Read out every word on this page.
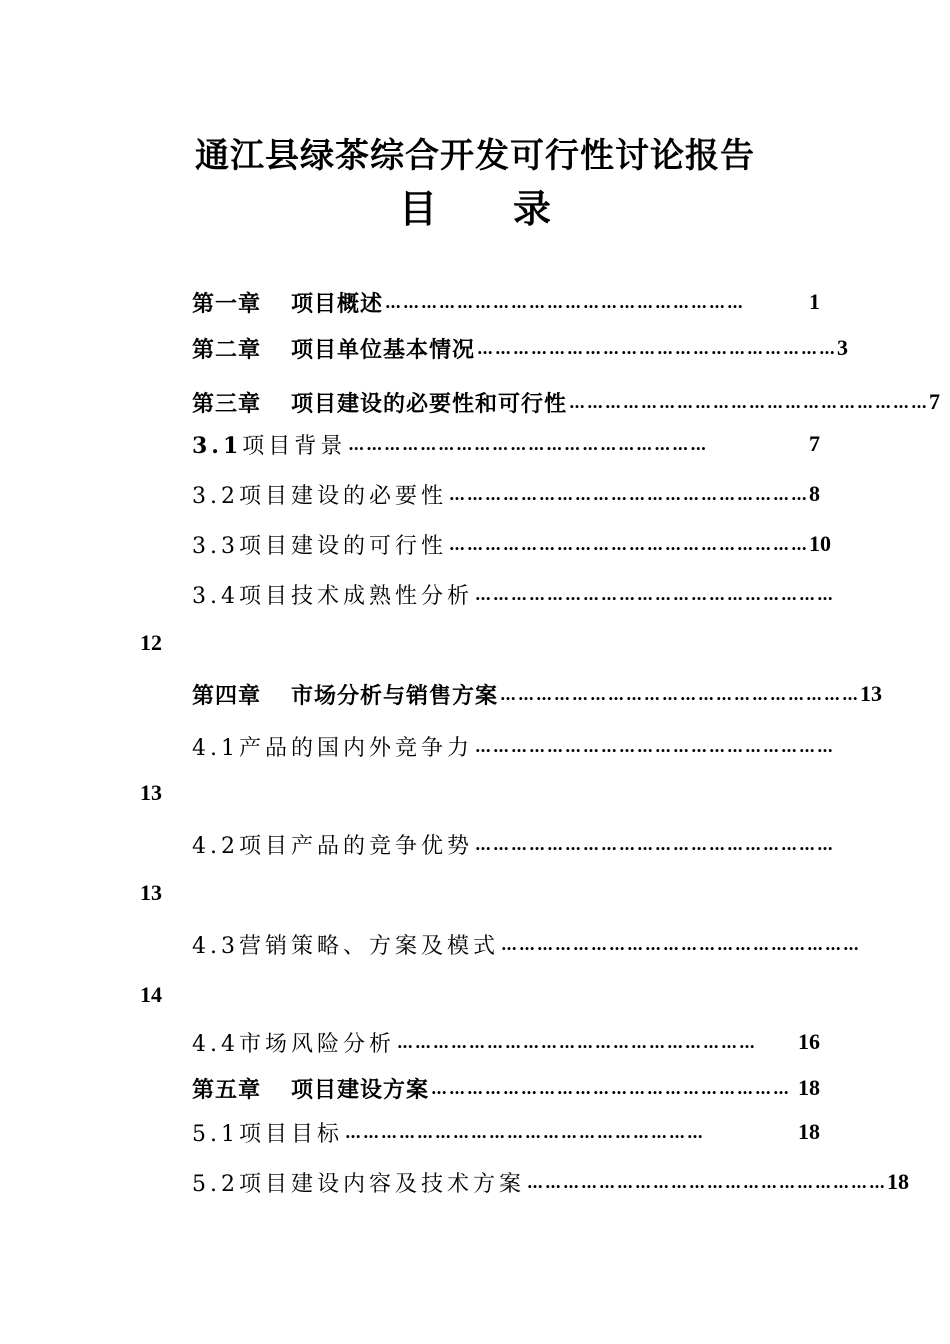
通江县绿茶综合开发可行性讨论报告
目录
第一章 项目概述 ……………………………………………………	1
第二章 项目单位基本情况 …………………………………………………… 3
第三章 项目建设的必要性和可行性 …………………………………………………… 7
3.1项目背景 ……………………………………………………	7
3.2项目建设的必要性 …………………………………………………… 8
3.3项目建设的可行性 …………………………………………………… 10
3.4项目技术成熟性分析 ……………………………………………………
12
第四章 市场分析与销售方案 …………………………………………………… 13
4.1产品的国内外竞争力 ……………………………………………………
13
4.2项目产品的竞争优势 ……………………………………………………
13
4.3营销策略、方案及模式 ……………………………………………………
14
4.4市场风险分析 ……………………………………………………	16
第五章 项目建设方案 …………………………………………………… 18
5.1项目目标 ……………………………………………………	18
5.2项目建设内容及技术方案 …………………………………………………… 18
